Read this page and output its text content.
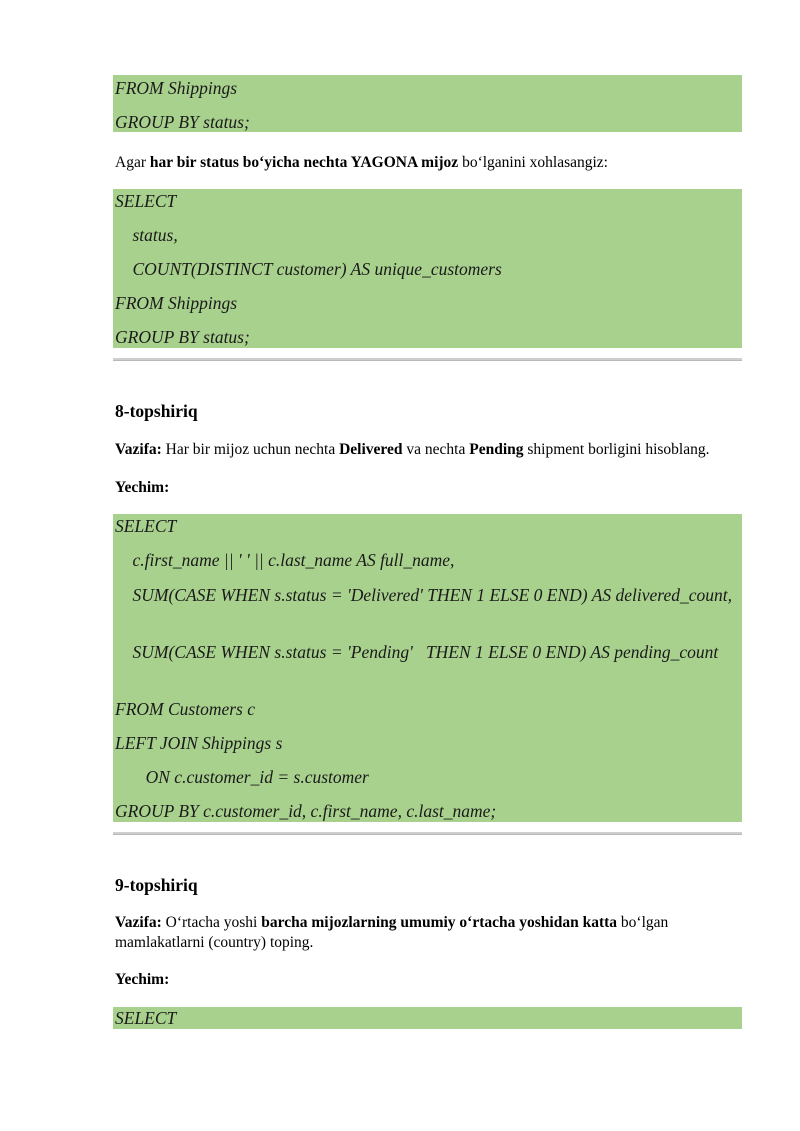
FROM Shippings
GROUP BY status;
Agar har bir status bo‘yicha nechta YAGONA mijoz bo‘lganini xohlasangiz:
SELECT
status,
COUNT(DISTINCT customer) AS unique_customers
FROM Shippings
GROUP BY status;
8-topshiriq
Vazifa: Har bir mijoz uchun nechta Delivered va nechta Pending shipment borligini hisoblang.
Yechim:
SELECT
c.first_name || ' ' || c.last_name AS full_name,
SUM(CASE WHEN s.status = 'Delivered' THEN 1 ELSE 0 END) AS delivered_count,
SUM(CASE WHEN s.status = 'Pending'   THEN 1 ELSE 0 END) AS pending_count
FROM Customers c
LEFT JOIN Shippings s
ON c.customer_id = s.customer
GROUP BY c.customer_id, c.first_name, c.last_name;
9-topshiriq
Vazifa: O‘rtacha yoshi barcha mijozlarning umumiy o‘rtacha yoshidan katta bo‘lgan mamlakatlarni (country) toping.
Yechim:
SELECT
